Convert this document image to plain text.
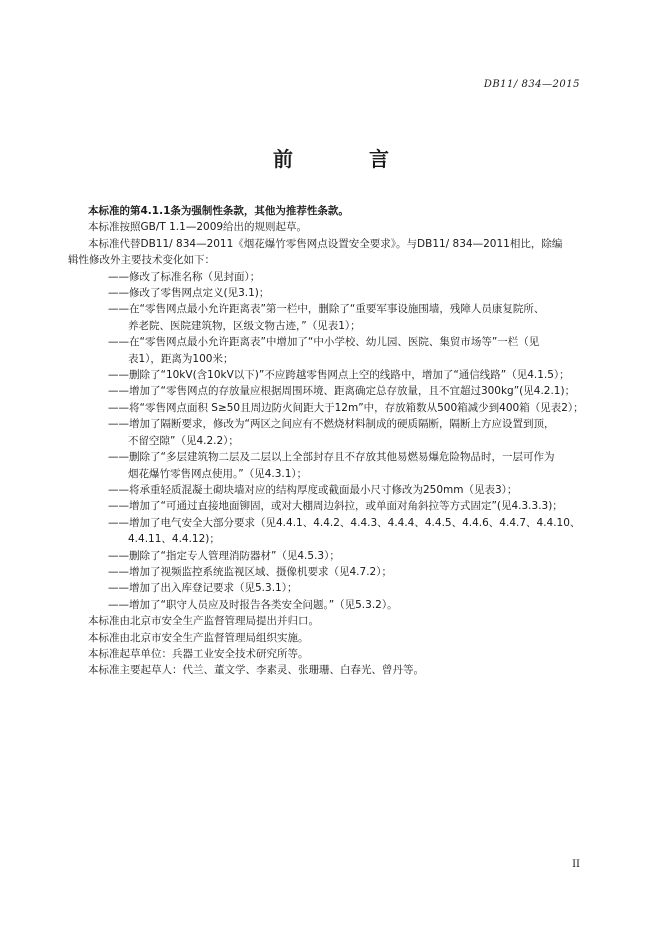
DB11/ 834—2015
前　言

本标准的第4.1.1条为强制性条款，其他为推荐性条款。

本标准按照GB/T 1.1—2009给出的规则起草。

本标准代替DB11/ 834—2011《烟花爆竹零售网点设置安全要求》。与DB11/ 834—2011相比，除编

辑性修改外主要技术变化如下：

——修改了标准名称（见封面）；

——修改了零售网点定义(见3.1)；

——在“零售网点最小允许距离表”第一栏中，删除了“重要军事设施围墙，残障人员康复院所、
养老院、医院建筑物，区级文物古迹，”（见表1）；

——在“零售网点最小允许距离表”中增加了“中小学校、幼儿园、医院、集贸市场等”一栏（见
表1），距离为100米；

——删除了“10kV(含10kV以下)”不应跨越零售网点上空的线路中，增加了“通信线路”（见4.1.5）；

——增加了“零售网点的存放量应根据周围环境、距离确定总存放量，且不宜超过300kg”(见4.2.1)；

——将“零售网点面积 S≥50且周边防火间距大于12m”中，存放箱数从500箱减少到400箱（见表2）；

——增加了隔断要求，修改为“两区之间应有不燃烧材料制成的硬质隔断，隔断上方应设置到顶，
不留空隙”（见4.2.2）；

——删除了“多层建筑物二层及二层以上全部封存且不存放其他易燃易爆危险物品时，一层可作为
烟花爆竹零售网点使用。”（见4.3.1）；

——将承重轻质混凝土砌块墙对应的结构厚度或截面最小尺寸修改为250mm（见表3）；

——增加了“可通过直接地面铆固，或对大棚周边斜拉，或单面对角斜拉等方式固定”(见4.3.3.3)；

——增加了电气安全大部分要求（见4.4.1、4.4.2、4.4.3、4.4.4、4.4.5、4.4.6、4.4.7、4.4.10、
4.4.11、4.4.12)；

——删除了“指定专人管理消防器材”（见4.5.3）；

——增加了视频监控系统监视区域、摄像机要求（见4.7.2）；

——增加了出入库登记要求（见5.3.1）；

——增加了“职守人员应及时报告各类安全问题。”（见5.3.2）。

本标准由北京市安全生产监督管理局提出并归口。

本标准由北京市安全生产监督管理局组织实施。

本标准起草单位：兵器工业安全技术研究所等。

本标准主要起草人：代兰、董文学、李素灵、张珊珊、白春光、曾丹等。

II
